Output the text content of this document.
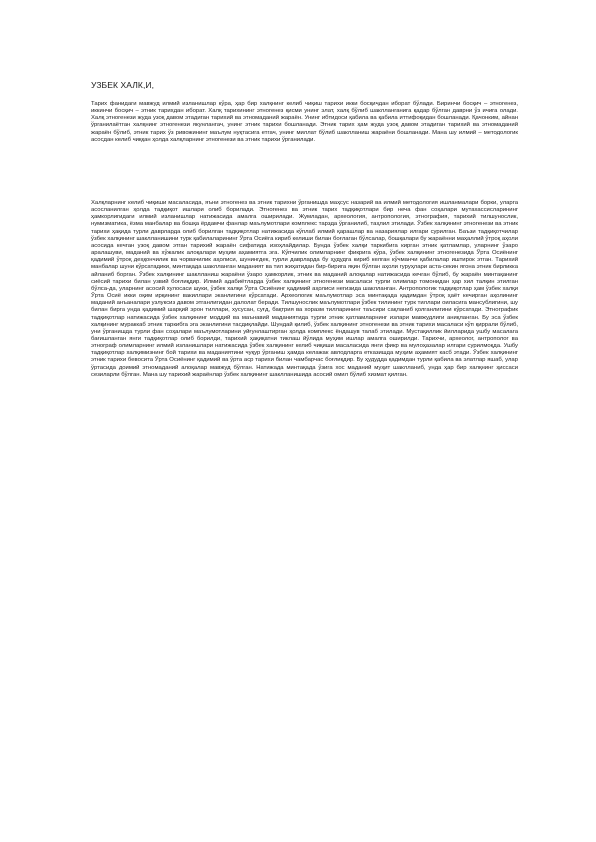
УЗБЕК ХАЛК,И,

Тарих фанидаги мавжуд илмий изланишлар кўра, ҳар бир халқнинг келиб чиқиш тарихи икки босқичдан иборат бўлади. Биринчи босқич – этногенез, иккинчи босқич – этник тарихдан иборат. Халқ тарихининг этногенез қисми унинг элат, халқ бўлиб шаклланганига қадар бўлган даврни ўз ичига олади. Халқ этногенези жуда узоқ давом этадиган тарихий ва этномаданий жараён. Унинг ибтидоси қабила ва қабила иттифоқидан бошланади. Қачонким, айнан ўрганилаётган халқнинг этногенези якунлангач, унинг этник тарихи бошланади. Этник тарих ҳам жуда узоқ давом этадиган тарихий ва этномаданий жараён бўлиб, этник тарих ўз ривожининг маълум нуқтасига етгач, унинг миллат бўлиб шаклланиш жараёни бошланади. Мана шу илмий – методологик асосдан келиб чиққан ҳолда халқларнинг этногенези ва этник тарихи ўрганилади.

Халқларнинг келиб чиқиши масаласида, яъни этногенез ва этник тарихни ўрганишда маҳсус назарий ва илмий методология ишланмалари борки, уларга асосланилган ҳолда тадқиқот ишлари олиб борилади. Этногенез ва этник тарих тадқиқотлари бир неча фан соҳалари мутахассисларининг ҳамкорлигидаги илмий изланишлар натижасида амалга оширилади. Жумладан, археология, антропология, этнография, тарихий тилшунослик, нумизматика, ёзма манбалар ва бошқа ёрдамчи фанлар маълумотлари комплекс тарзда ўрганилиб, таҳлил этилади. Ўзбек халқининг этногенези ва этник тарихи ҳақида турли даврларда олиб борилган тадқиқотлар натижасида кўплаб илмий қарашлар ва назариялар илгари сурилган. Баъзи тадқиқотчилар ўзбек халқининг шаклланишини турк қабилаларининг Ўрта Осиёга кириб келиши билан боғлаган бўлсалар, бошқалари бу жараённи маҳаллий ўтроқ аҳоли асосида кечган узоқ давом этган тарихий жараён сифатида изоҳлайдилар. Бунда ўзбек халқи таркибига кирган этник қатламлар, уларнинг ўзаро аралашуви, маданий ва хўжалик алоқалари муҳим аҳамиятга эга. Кўпчилик олимларнинг фикрига кўра, ўзбек халқининг этногенезида Ўрта Осиёнинг қадимий ўтроқ деҳқончилик ва чорвачилик аҳолиси, шунингдек, турли даврларда бу ҳудудга кириб келган кўчманчи қабилалар иштирок этган. Тарихий манбалар шуни кўрсатадики, минтақада шаклланган маданият ва тил жиҳатидан бир-бирига яқин бўлган аҳоли гуруҳлари аста-секин ягона этник бирликка айланиб борган. Ўзбек халқининг шаклланиш жараёни ўзаро ҳамкорлик, этник ва маданий алоқалар натижасида кечган бўлиб, бу жараён минтақанинг сиёсий тарихи билан узвий боғлиқдир. Илмий адабиётларда ўзбек халқининг этногенези масаласи турли олимлар томонидан ҳар хил талқин этилган бўлса-да, уларнинг асосий хулосаси шуки, ўзбек халқи Ўрта Осиёнинг қадимий аҳолиси негизида шаклланган. Антропологик тадқиқотлар ҳам ўзбек халқи Ўрта Осиё икки оқим ирқининг вакиллари эканлигини кўрсатади. Археологик маълумотлар эса минтақада қадимдан ўтроқ ҳаёт кечирган аҳолининг маданий анъаналари узлуксиз давом этганлигидан далолат беради. Тилшунослик маълумотлари ўзбек тилининг турк тиллари оиласига мансублигини, шу билан бирга унда қадимий шарқий эрон тиллари, хусусан, суғд, бақтрия ва хоразм тилларининг таъсири сақланиб қолганлигини кўрсатади. Этнографик тадқиқотлар натижасида ўзбек халқининг моддий ва маънавий маданиятида турли этник қатламларнинг излари мавжудлиги аниқланган. Бу эса ўзбек халқининг мураккаб этник таркибга эга эканлигини тасдиқлайди. Шундай қилиб, ўзбек халқининг этногенези ва этник тарихи масаласи кўп қиррали бўлиб, уни ўрганишда турли фан соҳалари маълумотларини уйғунлаштирган ҳолда комплекс ёндашув талаб этилади. Мустақиллик йилларида ушбу масалага бағишланган янги тадқиқотлар олиб борилди, тарихий ҳақиқатни тиклаш йўлида муҳим ишлар амалга оширилди. Тарихчи, археолог, антрополог ва этнограф олимларнинг илмий изланишлари натижасида ўзбек халқининг келиб чиқиши масаласида янги фикр ва мулоҳазалар илгари сурилмоқда. Ушбу тадқиқотлар халқимизнинг бой тарихи ва маданиятини чуқур ўрганиш ҳамда келажак авлодларга етказишда муҳим аҳамият касб этади. Ўзбек халқининг этник тарихи бевосита Ўрта Осиёнинг қадимий ва ўрта аср тарихи билан чамбарчас боғлиқдир. Бу ҳудудда қадимдан турли қабила ва элатлар яшаб, улар ўртасида доимий этномаданий алоқалар мавжуд бўлган. Натижада минтақада ўзига хос маданий муҳит шаклланиб, унда ҳар бир халқнинг ҳиссаси сезиларли бўлган. Мана шу тарихий жараёнлар ўзбек халқининг шаклланишида асосий омил бўлиб хизмат қилган.
